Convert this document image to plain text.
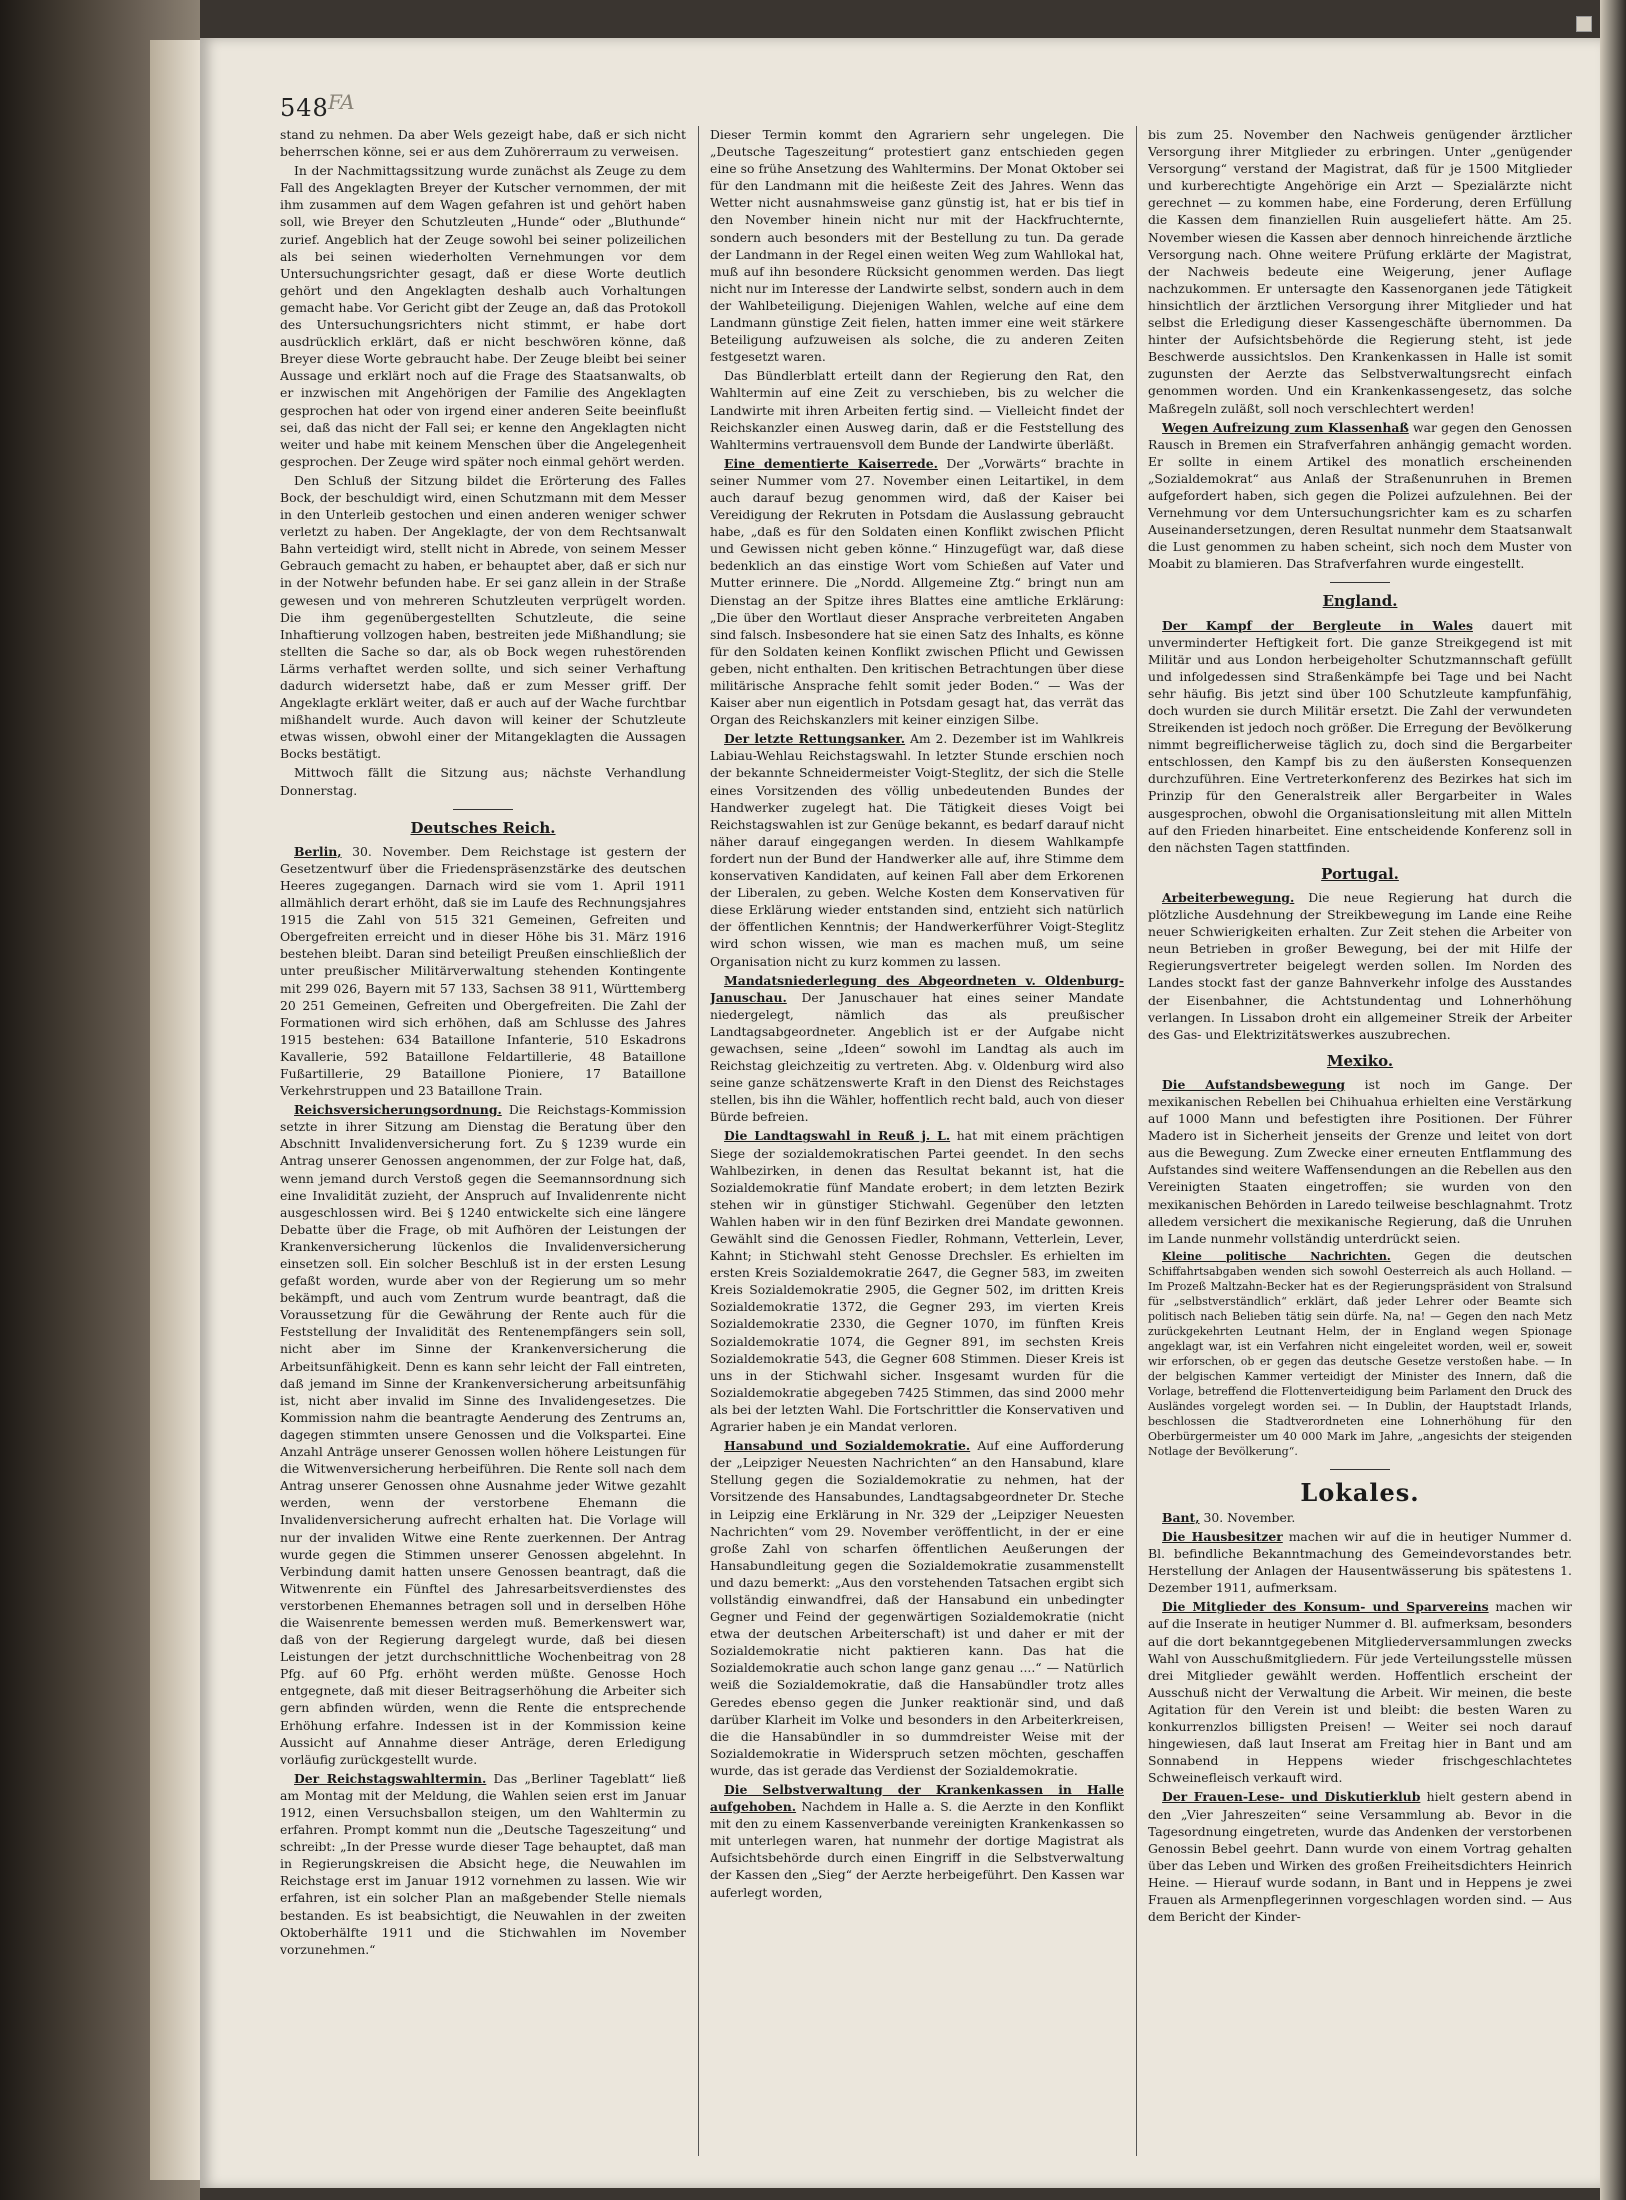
548 FA

stand zu nehmen. Da aber Wels gezeigt habe, daß er sich nicht beherrschen könne, sei er aus dem Zuhörerraum zu verweisen.

In der Nachmittagssitzung wurde zunächst als Zeuge zu dem Fall des Angeklagten Breyer der Kutscher vernommen, der mit ihm zusammen auf dem Wagen gefahren ist und gehört haben soll, wie Breyer den Schutzleuten „Hunde“ oder „Bluthunde“ zurief. Angeblich hat der Zeuge sowohl bei seiner polizeilichen als bei seinen wiederholten Vernehmungen vor dem Untersuchungsrichter gesagt, daß er diese Worte deutlich gehört und den Angeklagten deshalb auch Vorhaltungen gemacht habe. Vor Gericht gibt der Zeuge an, daß das Protokoll des Untersuchungsrichters nicht stimmt, er habe dort ausdrücklich erklärt, daß er nicht beschwören könne, daß Breyer diese Worte gebraucht habe. Der Zeuge bleibt bei seiner Aussage und erklärt noch auf die Frage des Staatsanwalts, ob er inzwischen mit Angehörigen der Familie des Angeklagten gesprochen hat oder von irgend einer anderen Seite beeinflußt sei, daß das nicht der Fall sei; er kenne den Angeklagten nicht weiter und habe mit keinem Menschen über die Angelegenheit gesprochen. Der Zeuge wird später noch einmal gehört werden.

Den Schluß der Sitzung bildet die Erörterung des Falles Bock, der beschuldigt wird, einen Schutzmann mit dem Messer in den Unterleib gestochen und einen anderen weniger schwer verletzt zu haben. Der Angeklagte, der von dem Rechtsanwalt Bahn verteidigt wird, stellt nicht in Abrede, von seinem Messer Gebrauch gemacht zu haben, er behauptet aber, daß er sich nur in der Notwehr befunden habe. Er sei ganz allein in der Straße gewesen und von mehreren Schutzleuten verprügelt worden. Die ihm gegenübergestellten Schutzleute, die seine Inhaftierung vollzogen haben, bestreiten jede Mißhandlung; sie stellten die Sache so dar, als ob Bock wegen ruhestörenden Lärms verhaftet werden sollte, und sich seiner Verhaftung dadurch widersetzt habe, daß er zum Messer griff. Der Angeklagte erklärt weiter, daß er auch auf der Wache furchtbar mißhandelt wurde. Auch davon will keiner der Schutzleute etwas wissen, obwohl einer der Mitangeklagten die Aussagen Bocks bestätigt.

Mittwoch fällt die Sitzung aus; nächste Verhandlung Donnerstag.

Deutsches Reich.

Berlin, 30. November. Dem Reichstage ist gestern der Gesetzentwurf über die Friedenspräsenzstärke des deutschen Heeres zugegangen. Darnach wird sie vom 1. April 1911 allmählich derart erhöht, daß sie im Laufe des Rechnungsjahres 1915 die Zahl von 515 321 Gemeinen, Gefreiten und Obergefreiten erreicht und in dieser Höhe bis 31. März 1916 bestehen bleibt. Daran sind beteiligt Preußen einschließlich der unter preußischer Militärverwaltung stehenden Kontingente mit 299 026, Bayern mit 57 133, Sachsen 38 911, Württemberg 20 251 Gemeinen, Gefreiten und Obergefreiten. Die Zahl der Formationen wird sich erhöhen, daß am Schlusse des Jahres 1915 bestehen: 634 Bataillone Infanterie, 510 Eskadrons Kavallerie, 592 Bataillone Feldartillerie, 48 Bataillone Fußartillerie, 29 Bataillone Pioniere, 17 Bataillone Verkehrstruppen und 23 Bataillone Train.

Reichsversicherungsordnung. Die Reichstags-Kommission setzte in ihrer Sitzung am Dienstag die Beratung über den Abschnitt Invalidenversicherung fort. Zu § 1239 wurde ein Antrag unserer Genossen angenommen, der zur Folge hat, daß, wenn jemand durch Verstoß gegen die Seemannsordnung sich eine Invalidität zuzieht, der Anspruch auf Invalidenrente nicht ausgeschlossen wird. Bei § 1240 entwickelte sich eine längere Debatte über die Frage, ob mit Aufhören der Leistungen der Krankenversicherung lückenlos die Invalidenversicherung einsetzen soll. Ein solcher Beschluß ist in der ersten Lesung gefaßt worden, wurde aber von der Regierung um so mehr bekämpft, und auch vom Zentrum wurde beantragt, daß die Voraussetzung für die Gewährung der Rente auch für die Feststellung der Invalidität des Rentenempfängers sein soll, nicht aber im Sinne der Krankenversicherung die Arbeitsunfähigkeit. Denn es kann sehr leicht der Fall eintreten, daß jemand im Sinne der Krankenversicherung arbeitsunfähig ist, nicht aber invalid im Sinne des Invalidengesetzes. Die Kommission nahm die beantragte Aenderung des Zentrums an, dagegen stimmten unsere Genossen und die Volkspartei. Eine Anzahl Anträge unserer Genossen wollen höhere Leistungen für die Witwenversicherung herbeiführen. Die Rente soll nach dem Antrag unserer Genossen ohne Ausnahme jeder Witwe gezahlt werden, wenn der verstorbene Ehemann die Invalidenversicherung aufrecht erhalten hat. Die Vorlage will nur der invaliden Witwe eine Rente zuerkennen. Der Antrag wurde gegen die Stimmen unserer Genossen abgelehnt. In Verbindung damit hatten unsere Genossen beantragt, daß die Witwenrente ein Fünftel des Jahresarbeitsverdienstes des verstorbenen Ehemannes betragen soll und in derselben Höhe die Waisenrente bemessen werden muß. Bemerkenswert war, daß von der Regierung dargelegt wurde, daß bei diesen Leistungen der jetzt durchschnittliche Wochenbeitrag von 28 Pfg. auf 60 Pfg. erhöht werden müßte. Genosse Hoch entgegnete, daß mit dieser Beitragserhöhung die Arbeiter sich gern abfinden würden, wenn die Rente die entsprechende Erhöhung erfahre. Indessen ist in der Kommission keine Aussicht auf Annahme dieser Anträge, deren Erledigung vorläufig zurückgestellt wurde.

Der Reichstagswahltermin. Das „Berliner Tageblatt“ ließ am Montag mit der Meldung, die Wahlen seien erst im Januar 1912, einen Versuchsballon steigen, um den Wahltermin zu erfahren. Prompt kommt nun die „Deutsche Tageszeitung“ und schreibt: „In der Presse wurde dieser Tage behauptet, daß man in Regierungskreisen die Absicht hege, die Neuwahlen im Reichstage erst im Januar 1912 vornehmen zu lassen. Wie wir erfahren, ist ein solcher Plan an maßgebender Stelle niemals bestanden. Es ist beabsichtigt, die Neuwahlen in der zweiten Oktoberhälfte 1911 und die Stichwahlen im November vorzunehmen.“

Dieser Termin kommt den Agrariern sehr ungelegen. Die „Deutsche Tageszeitung“ protestiert ganz entschieden gegen eine so frühe Ansetzung des Wahltermins. Der Monat Oktober sei für den Landmann mit die heißeste Zeit des Jahres. Wenn das Wetter nicht ausnahmsweise ganz günstig ist, hat er bis tief in den November hinein nicht nur mit der Hackfruchternte, sondern auch besonders mit der Bestellung zu tun. Da gerade der Landmann in der Regel einen weiten Weg zum Wahllokal hat, muß auf ihn besondere Rücksicht genommen werden. Das liegt nicht nur im Interesse der Landwirte selbst, sondern auch in dem der Wahlbeteiligung. Diejenigen Wahlen, welche auf eine dem Landmann günstige Zeit fielen, hatten immer eine weit stärkere Beteiligung aufzuweisen als solche, die zu anderen Zeiten festgesetzt waren.

Das Bündlerblatt erteilt dann der Regierung den Rat, den Wahltermin auf eine Zeit zu verschieben, bis zu welcher die Landwirte mit ihren Arbeiten fertig sind. — Vielleicht findet der Reichskanzler einen Ausweg darin, daß er die Feststellung des Wahltermins vertrauensvoll dem Bunde der Landwirte überläßt.

Eine dementierte Kaiserrede. Der „Vorwärts“ brachte in seiner Nummer vom 27. November einen Leitartikel, in dem auch darauf bezug genommen wird, daß der Kaiser bei Vereidigung der Rekruten in Potsdam die Auslassung gebraucht habe, „daß es für den Soldaten einen Konflikt zwischen Pflicht und Gewissen nicht geben könne.“ Hinzugefügt war, daß diese bedenklich an das einstige Wort vom Schießen auf Vater und Mutter erinnere. Die „Nordd. Allgemeine Ztg.“ bringt nun am Dienstag an der Spitze ihres Blattes eine amtliche Erklärung: „Die über den Wortlaut dieser Ansprache verbreiteten Angaben sind falsch. Insbesondere hat sie einen Satz des Inhalts, es könne für den Soldaten keinen Konflikt zwischen Pflicht und Gewissen geben, nicht enthalten. Den kritischen Betrachtungen über diese militärische Ansprache fehlt somit jeder Boden.“ — Was der Kaiser aber nun eigentlich in Potsdam gesagt hat, das verrät das Organ des Reichskanzlers mit keiner einzigen Silbe.

Der letzte Rettungsanker. Am 2. Dezember ist im Wahlkreis Labiau-Wehlau Reichstagswahl. In letzter Stunde erschien noch der bekannte Schneidermeister Voigt-Steglitz, der sich die Stelle eines Vorsitzenden des völlig unbedeutenden Bundes der Handwerker zugelegt hat. Die Tätigkeit dieses Voigt bei Reichstagswahlen ist zur Genüge bekannt, es bedarf darauf nicht näher darauf eingegangen werden. In diesem Wahlkampfe fordert nun der Bund der Handwerker alle auf, ihre Stimme dem konservativen Kandidaten, auf keinen Fall aber dem Erkorenen der Liberalen, zu geben. Welche Kosten dem Konservativen für diese Erklärung wieder entstanden sind, entzieht sich natürlich der öffentlichen Kenntnis; der Handwerkerführer Voigt-Steglitz wird schon wissen, wie man es machen muß, um seine Organisation nicht zu kurz kommen zu lassen.

Mandatsniederlegung des Abgeordneten v. Oldenburg-Januschau. Der Januschauer hat eines seiner Mandate niedergelegt, nämlich das als preußischer Landtagsabgeordneter. Angeblich ist er der Aufgabe nicht gewachsen, seine „Ideen“ sowohl im Landtag als auch im Reichstag gleichzeitig zu vertreten. Abg. v. Oldenburg wird also seine ganze schätzenswerte Kraft in den Dienst des Reichstages stellen, bis ihn die Wähler, hoffentlich recht bald, auch von dieser Bürde befreien.

Die Landtagswahl in Reuß j. L. hat mit einem prächtigen Siege der sozialdemokratischen Partei geendet. In den sechs Wahlbezirken, in denen das Resultat bekannt ist, hat die Sozialdemokratie fünf Mandate erobert; in dem letzten Bezirk stehen wir in günstiger Stichwahl. Gegenüber den letzten Wahlen haben wir in den fünf Bezirken drei Mandate gewonnen. Gewählt sind die Genossen Fiedler, Rohmann, Vetterlein, Lever, Kahnt; in Stichwahl steht Genosse Drechsler. Es erhielten im ersten Kreis Sozialdemokratie 2647, die Gegner 583, im zweiten Kreis Sozialdemokratie 2905, die Gegner 502, im dritten Kreis Sozialdemokratie 1372, die Gegner 293, im vierten Kreis Sozialdemokratie 2330, die Gegner 1070, im fünften Kreis Sozialdemokratie 1074, die Gegner 891, im sechsten Kreis Sozialdemokratie 543, die Gegner 608 Stimmen. Dieser Kreis ist uns in der Stichwahl sicher. Insgesamt wurden für die Sozialdemokratie abgegeben 7425 Stimmen, das sind 2000 mehr als bei der letzten Wahl. Die Fortschrittler die Konservativen und Agrarier haben je ein Mandat verloren.

Hansabund und Sozialdemokratie. Auf eine Aufforderung der „Leipziger Neuesten Nachrichten“ an den Hansabund, klare Stellung gegen die Sozialdemokratie zu nehmen, hat der Vorsitzende des Hansabundes, Landtagsabgeordneter Dr. Steche in Leipzig eine Erklärung in Nr. 329 der „Leipziger Neuesten Nachrichten“ vom 29. November veröffentlicht, in der er eine große Zahl von scharfen öffentlichen Aeußerungen der Hansabundleitung gegen die Sozialdemokratie zusammenstellt und dazu bemerkt: „Aus den vorstehenden Tatsachen ergibt sich vollständig einwandfrei, daß der Hansabund ein unbedingter Gegner und Feind der gegenwärtigen Sozialdemokratie (nicht etwa der deutschen Arbeiterschaft) ist und daher er mit der Sozialdemokratie nicht paktieren kann. Das hat die Sozialdemokratie auch schon lange ganz genau ....“ — Natürlich weiß die Sozialdemokratie, daß die Hansabündler trotz alles Geredes ebenso gegen die Junker reaktionär sind, und daß darüber Klarheit im Volke und besonders in den Arbeiterkreisen, die die Hansabündler in so dummdreister Weise mit der Sozialdemokratie in Widerspruch setzen möchten, geschaffen wurde, das ist gerade das Verdienst der Sozialdemokratie.

Die Selbstverwaltung der Krankenkassen in Halle aufgehoben. Nachdem in Halle a. S. die Aerzte in den Konflikt mit den zu einem Kassenverbande vereinigten Krankenkassen so mit unterlegen waren, hat nunmehr der dortige Magistrat als Aufsichtsbehörde durch einen Eingriff in die Selbstverwaltung der Kassen den „Sieg“ der Aerzte herbeigeführt. Den Kassen war auferlegt worden,

bis zum 25. November den Nachweis genügender ärztlicher Versorgung ihrer Mitglieder zu erbringen. Unter „genügender Versorgung“ verstand der Magistrat, daß für je 1500 Mitglieder und kurberechtigte Angehörige ein Arzt — Spezialärzte nicht gerechnet — zu kommen habe, eine Forderung, deren Erfüllung die Kassen dem finanziellen Ruin ausgeliefert hätte. Am 25. November wiesen die Kassen aber dennoch hinreichende ärztliche Versorgung nach. Ohne weitere Prüfung erklärte der Magistrat, der Nachweis bedeute eine Weigerung, jener Auflage nachzukommen. Er untersagte den Kassenorganen jede Tätigkeit hinsichtlich der ärztlichen Versorgung ihrer Mitglieder und hat selbst die Erledigung dieser Kassengeschäfte übernommen. Da hinter der Aufsichtsbehörde die Regierung steht, ist jede Beschwerde aussichtslos. Den Krankenkassen in Halle ist somit zugunsten der Aerzte das Selbstverwaltungsrecht einfach genommen worden. Und ein Krankenkassengesetz, das solche Maßregeln zuläßt, soll noch verschlechtert werden!

Wegen Aufreizung zum Klassenhaß war gegen den Genossen Rausch in Bremen ein Strafverfahren anhängig gemacht worden. Er sollte in einem Artikel des monatlich erscheinenden „Sozialdemokrat“ aus Anlaß der Straßenunruhen in Bremen aufgefordert haben, sich gegen die Polizei aufzulehnen. Bei der Vernehmung vor dem Untersuchungsrichter kam es zu scharfen Auseinandersetzungen, deren Resultat nunmehr dem Staatsanwalt die Lust genommen zu haben scheint, sich noch dem Muster von Moabit zu blamieren. Das Strafverfahren wurde eingestellt.

England.

Der Kampf der Bergleute in Wales dauert mit unverminderter Heftigkeit fort. Die ganze Streikgegend ist mit Militär und aus London herbeigeholter Schutzmannschaft gefüllt und infolgedessen sind Straßenkämpfe bei Tage und bei Nacht sehr häufig. Bis jetzt sind über 100 Schutzleute kampfunfähig, doch wurden sie durch Militär ersetzt. Die Zahl der verwundeten Streikenden ist jedoch noch größer. Die Erregung der Bevölkerung nimmt begreiflicherweise täglich zu, doch sind die Bergarbeiter entschlossen, den Kampf bis zu den äußersten Konsequenzen durchzuführen. Eine Vertreterkonferenz des Bezirkes hat sich im Prinzip für den Generalstreik aller Bergarbeiter in Wales ausgesprochen, obwohl die Organisationsleitung mit allen Mitteln auf den Frieden hinarbeitet. Eine entscheidende Konferenz soll in den nächsten Tagen stattfinden.

Portugal.

Arbeiterbewegung. Die neue Regierung hat durch die plötzliche Ausdehnung der Streikbewegung im Lande eine Reihe neuer Schwierigkeiten erhalten. Zur Zeit stehen die Arbeiter von neun Betrieben in großer Bewegung, bei der mit Hilfe der Regierungsvertreter beigelegt werden sollen. Im Norden des Landes stockt fast der ganze Bahnverkehr infolge des Ausstandes der Eisenbahner, die Achtstundentag und Lohnerhöhung verlangen. In Lissabon droht ein allgemeiner Streik der Arbeiter des Gas- und Elektrizitätswerkes auszubrechen.

Mexiko.

Die Aufstandsbewegung ist noch im Gange. Der mexikanischen Rebellen bei Chihuahua erhielten eine Verstärkung auf 1000 Mann und befestigten ihre Positionen. Der Führer Madero ist in Sicherheit jenseits der Grenze und leitet von dort aus die Bewegung. Zum Zwecke einer erneuten Entflammung des Aufstandes sind weitere Waffensendungen an die Rebellen aus den Vereinigten Staaten eingetroffen; sie wurden von den mexikanischen Behörden in Laredo teilweise beschlagnahmt. Trotz alledem versichert die mexikanische Regierung, daß die Unruhen im Lande nunmehr vollständig unterdrückt seien.

Kleine politische Nachrichten. Gegen die deutschen Schiffahrtsabgaben wenden sich sowohl Oesterreich als auch Holland. — Im Prozeß Maltzahn-Becker hat es der Regierungspräsident von Stralsund für „selbstverständlich“ erklärt, daß jeder Lehrer oder Beamte sich politisch nach Belieben tätig sein dürfe. Na, na! — Gegen den nach Metz zurückgekehrten Leutnant Helm, der in England wegen Spionage angeklagt war, ist ein Verfahren nicht eingeleitet worden, weil er, soweit wir erforschen, ob er gegen das deutsche Gesetze verstoßen habe. — In der belgischen Kammer verteidigt der Minister des Innern, daß die Vorlage, betreffend die Flottenverteidigung beim Parlament den Druck des Ausländes vorgelegt worden sei. — In Dublin, der Hauptstadt Irlands, beschlossen die Stadtverordneten eine Lohnerhöhung für den Oberbürgermeister um 40 000 Mark im Jahre, „angesichts der steigenden Notlage der Bevölkerung“.

Lokales.

Bant, 30. November.

Die Hausbesitzer machen wir auf die in heutiger Nummer d. Bl. befindliche Bekanntmachung des Gemeindevorstandes betr. Herstellung der Anlagen der Hausentwässerung bis spätestens 1. Dezember 1911, aufmerksam.

Die Mitglieder des Konsum- und Sparvereins machen wir auf die Inserate in heutiger Nummer d. Bl. aufmerksam, besonders auf die dort bekanntgegebenen Mitgliederversammlungen zwecks Wahl von Ausschußmitgliedern. Für jede Verteilungsstelle müssen drei Mitglieder gewählt werden. Hoffentlich erscheint der Ausschuß nicht der Verwaltung die Arbeit. Wir meinen, die beste Agitation für den Verein ist und bleibt: die besten Waren zu konkurrenzlos billigsten Preisen! — Weiter sei noch darauf hingewiesen, daß laut Inserat am Freitag hier in Bant und am Sonnabend in Heppens wieder frischgeschlachtetes Schweinefleisch verkauft wird.

Der Frauen-Lese- und Diskutierklub hielt gestern abend in den „Vier Jahreszeiten“ seine Versammlung ab. Bevor in die Tagesordnung eingetreten, wurde das Andenken der verstorbenen Genossin Bebel geehrt. Dann wurde von einem Vortrag gehalten über das Leben und Wirken des großen Freiheitsdichters Heinrich Heine. — Hierauf wurde sodann, in Bant und in Heppens je zwei Frauen als Armenpflegerinnen vorgeschlagen worden sind. — Aus dem Bericht der Kinder-
